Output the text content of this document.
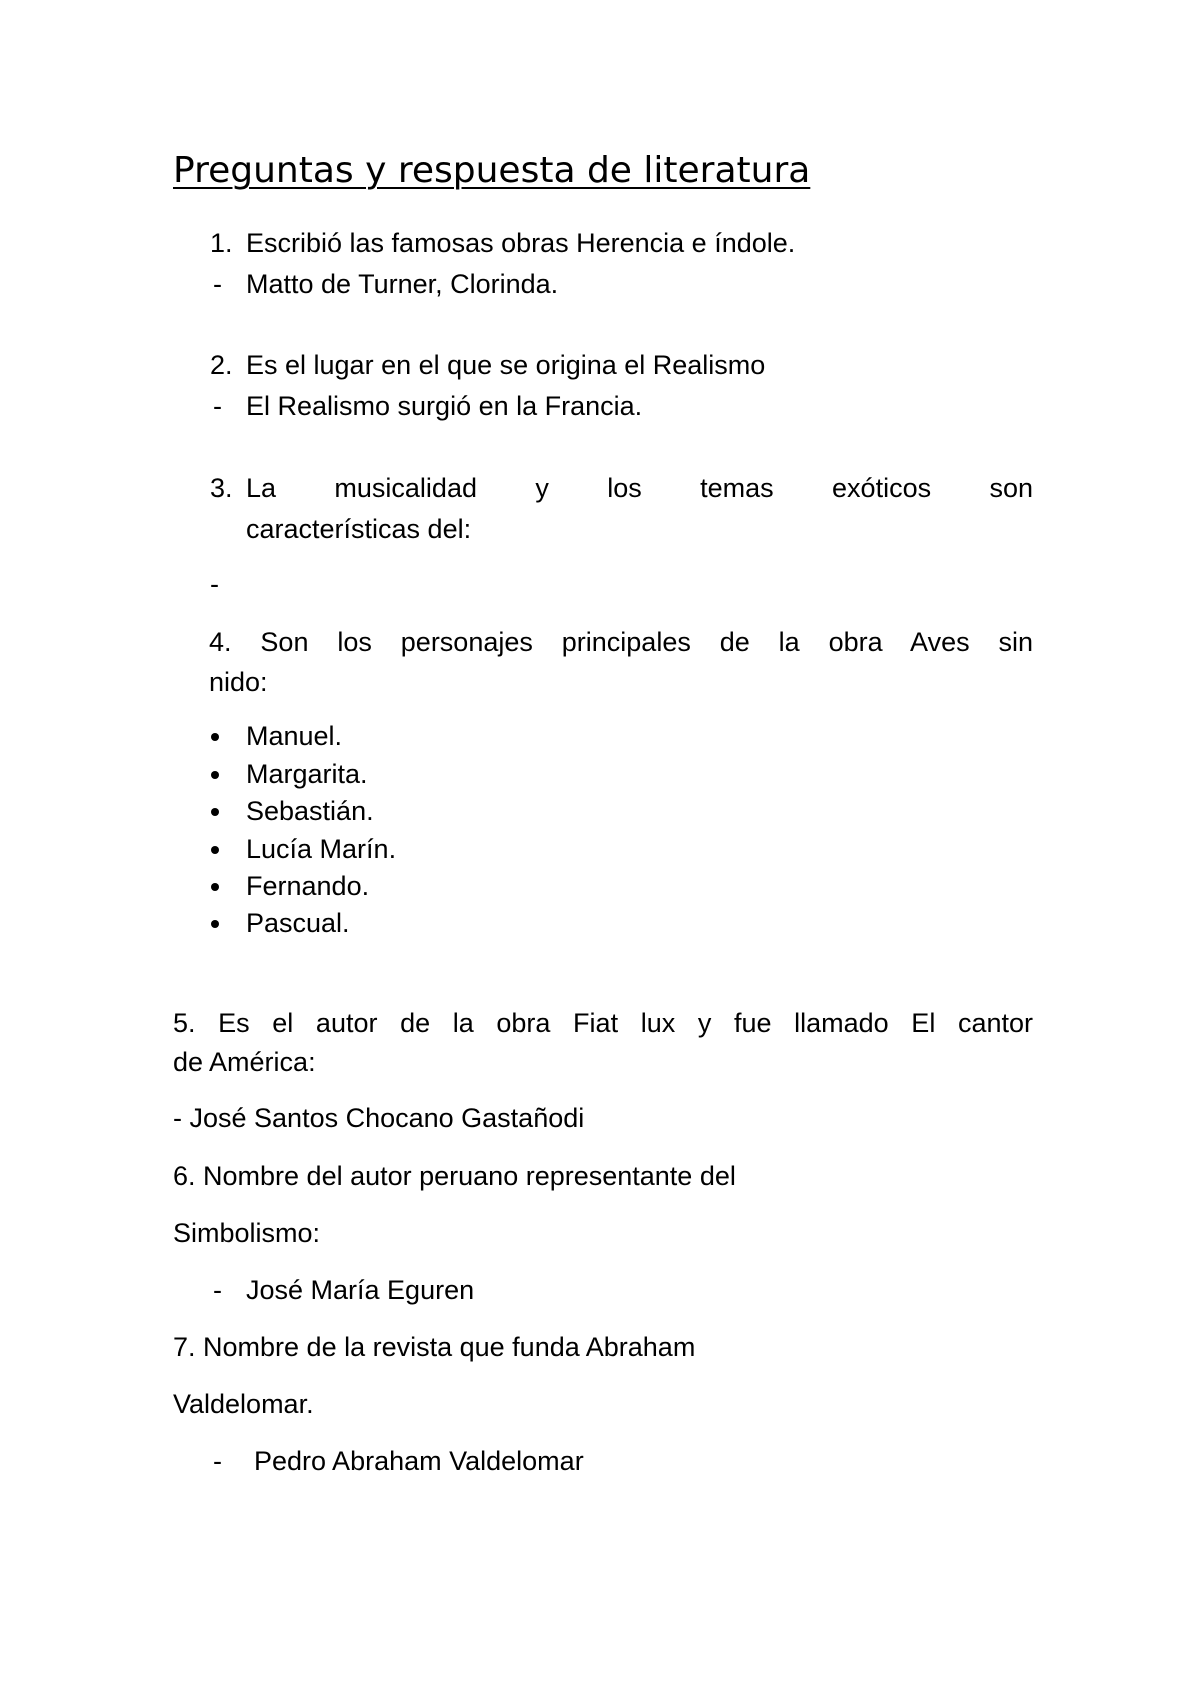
Preguntas y respuesta de literatura
1. Escribió las famosas obras Herencia e índole.
- Matto de Turner, Clorinda.
2. Es el lugar en el que se origina el Realismo
- El Realismo surgió en la Francia.
3. La musicalidad y los temas exóticos son
características del:
-
4. Son los personajes principales de la obra Aves sin
nido:
Manuel.
Margarita.
Sebastián.
Lucía Marín.
Fernando.
Pascual.
5. Es el autor de la obra Fiat lux y fue llamado El cantor
de América:
- José Santos Chocano Gastañodi
6. Nombre del autor peruano representante del
Simbolismo:
- José María Eguren
7. Nombre de la revista que funda Abraham
Valdelomar.
- Pedro Abraham Valdelomar
